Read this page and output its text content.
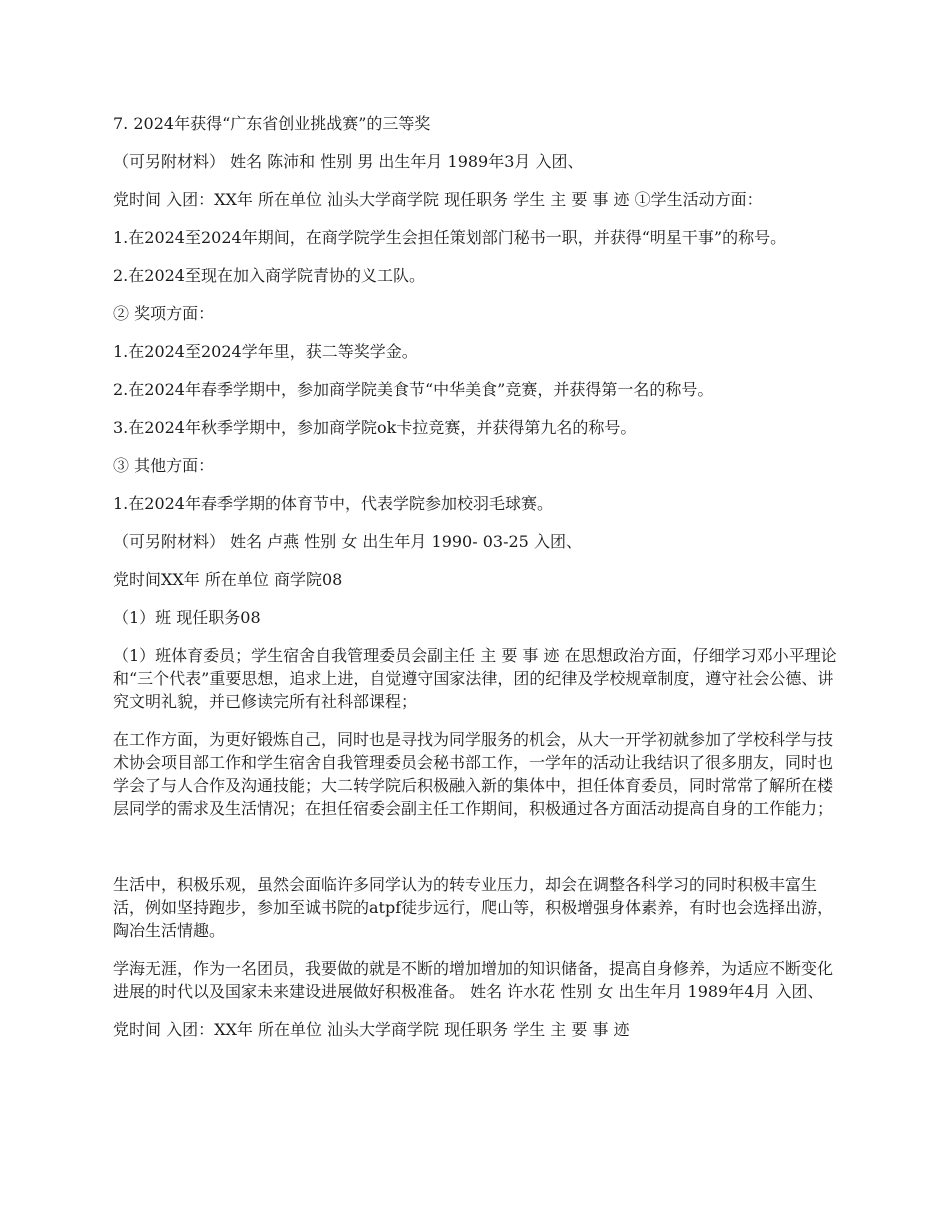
7. 2024年获得“广东省创业挑战赛”的三等奖

（可另附材料） 姓名 陈沛和 性别 男 出生年月 1989年3月 入团、

党时间 入团：XX年 所在单位 汕头大学商学院 现任职务 学生 主 要 事 迹 ①学生活动方面：

1.在2024至2024年期间，在商学院学生会担任策划部门秘书一职，并获得“明星干事”的称号。

2.在2024至现在加入商学院青协的义工队。

② 奖项方面：

1.在2024至2024学年里，获二等奖学金。

2.在2024年春季学期中，参加商学院美食节“中华美食”竞赛，并获得第一名的称号。

3.在2024年秋季学期中，参加商学院ok卡拉竞赛，并获得第九名的称号。

③ 其他方面：

1.在2024年春季学期的体育节中，代表学院参加校羽毛球赛。

（可另附材料） 姓名 卢燕 性别 女 出生年月 1990- 03-25 入团、

党时间XX年 所在单位 商学院08

（1）班 现任职务08

（1）班体育委员；学生宿舍自我管理委员会副主任 主 要 事 迹 在思想政治方面，仔细学习邓小平理论和“三个代表”重要思想，追求上进，自觉遵守国家法律，团的纪律及学校规章制度，遵守社会公德、讲究文明礼貌，并已修读完所有社科部课程；

在工作方面，为更好锻炼自己，同时也是寻找为同学服务的机会，从大一开学初就参加了学校科学与技术协会项目部工作和学生宿舍自我管理委员会秘书部工作，一学年的活动让我结识了很多朋友，同时也学会了与人合作及沟通技能；大二转学院后积极融入新的集体中，担任体育委员，同时常常了解所在楼层同学的需求及生活情况；在担任宿委会副主任工作期间，积极通过各方面活动提高自身的工作能力；

生活中，积极乐观，虽然会面临许多同学认为的转专业压力，却会在调整各科学习的同时积极丰富生活，例如坚持跑步，参加至诚书院的atpf徒步远行，爬山等，积极增强身体素养，有时也会选择出游，陶冶生活情趣。

学海无涯，作为一名团员，我要做的就是不断的增加增加的知识储备，提高自身修养，为适应不断变化进展的时代以及国家未来建设进展做好积极准备。 姓名 许水花 性别 女 出生年月 1989年4月 入团、

党时间 入团：XX年 所在单位 汕头大学商学院 现任职务 学生 主 要 事 迹
